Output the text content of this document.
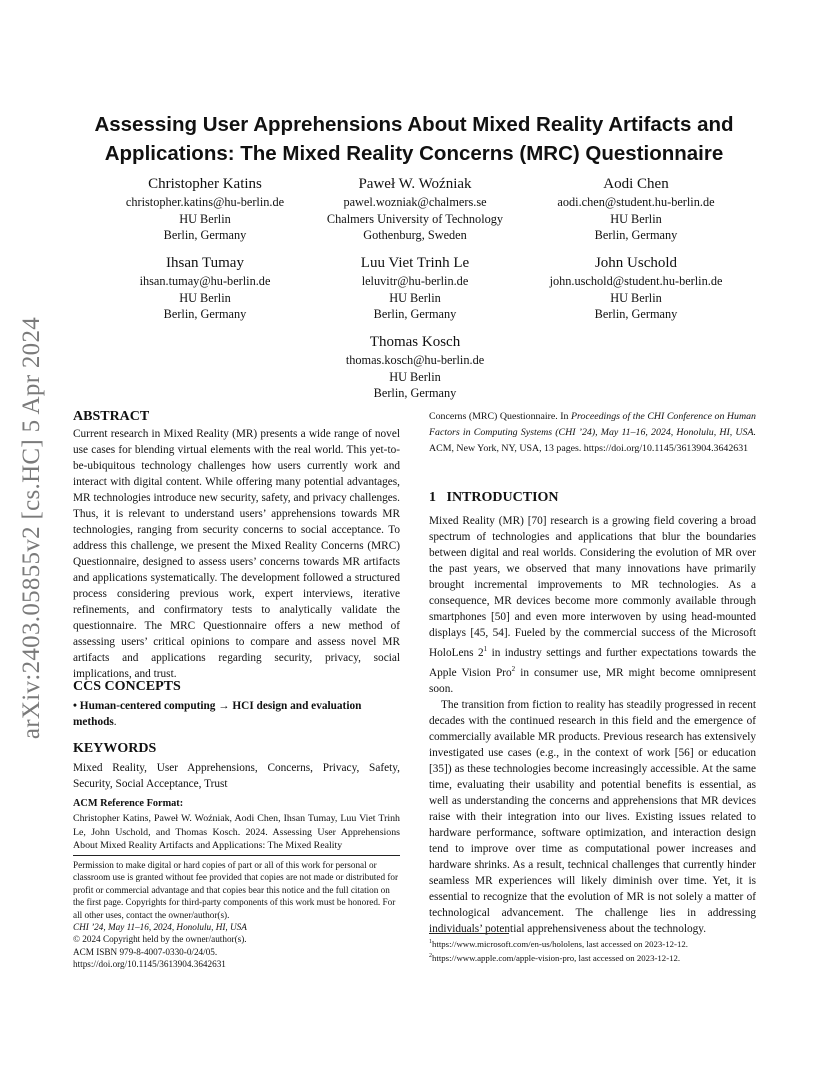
arXiv:2403.05855v2 [cs.HC] 5 Apr 2024
Assessing User Apprehensions About Mixed Reality Artifacts and
Applications: The Mixed Reality Concerns (MRC) Questionnaire
Christopher Katins
christopher.katins@hu-berlin.de
HU Berlin
Berlin, Germany
Paweł W. Woźniak
pawel.wozniak@chalmers.se
Chalmers University of Technology
Gothenburg, Sweden
Aodi Chen
aodi.chen@student.hu-berlin.de
HU Berlin
Berlin, Germany
Ihsan Tumay
ihsan.tumay@hu-berlin.de
HU Berlin
Berlin, Germany
Luu Viet Trinh Le
leluvitr@hu-berlin.de
HU Berlin
Berlin, Germany
John Uschold
john.uschold@student.hu-berlin.de
HU Berlin
Berlin, Germany
Thomas Kosch
thomas.kosch@hu-berlin.de
HU Berlin
Berlin, Germany
ABSTRACT

Current research in Mixed Reality (MR) presents a wide range of novel use cases for blending virtual elements with the real world. This yet-to-be-ubiquitous technology challenges how users currently work and interact with digital content. While offering many potential advantages, MR technologies introduce new security, safety, and privacy challenges. Thus, it is relevant to understand users’ apprehensions towards MR technologies, ranging from security concerns to social acceptance. To address this challenge, we present the Mixed Reality Concerns (MRC) Questionnaire, designed to assess users’ concerns towards MR artifacts and applications systematically. The development followed a structured process considering previous work, expert interviews, iterative refinements, and confirmatory tests to analytically validate the questionnaire. The MRC Questionnaire offers a new method of assessing users’ critical opinions to compare and assess novel MR artifacts and applications regarding security, privacy, social implications, and trust.

CCS CONCEPTS

• Human-centered computing → HCI design and evaluation methods.

KEYWORDS

Mixed Reality, User Apprehensions, Concerns, Privacy, Safety, Security, Social Acceptance, Trust

ACM Reference Format:
Christopher Katins, Paweł W. Woźniak, Aodi Chen, Ihsan Tumay, Luu Viet Trinh Le, John Uschold, and Thomas Kosch. 2024. Assessing User Apprehensions About Mixed Reality Artifacts and Applications: The Mixed Reality
Permission to make digital or hard copies of part or all of this work for personal or classroom use is granted without fee provided that copies are not made or distributed for profit or commercial advantage and that copies bear this notice and the full citation on the first page. Copyrights for third-party components of this work must be honored. For all other uses, contact the owner/author(s).
CHI ’24, May 11–16, 2024, Honolulu, HI, USA
© 2024 Copyright held by the owner/author(s).
ACM ISBN 979-8-4007-0330-0/24/05.
https://doi.org/10.1145/3613904.3642631
Concerns (MRC) Questionnaire. In Proceedings of the CHI Conference on Human Factors in Computing Systems (CHI ’24), May 11–16, 2024, Honolulu, HI, USA. ACM, New York, NY, USA, 13 pages. https://doi.org/10.1145/3613904.3642631
1   INTRODUCTION

Mixed Reality (MR) [70] research is a growing field covering a broad spectrum of technologies and applications that blur the boundaries between digital and real worlds. Considering the evolution of MR over the past years, we observed that many innovations have primarily brought incremental improvements to MR technologies. As a consequence, MR devices become more commonly available through smartphones [50] and even more interwoven by using head-mounted displays [45, 54]. Fueled by the commercial success of the Microsoft HoloLens $2^1$ in industry settings and further expectations towards the Apple Vision Pro$^2$ in consumer use, MR might become omnipresent soon.

The transition from fiction to reality has steadily progressed in recent decades with the continued research in this field and the emergence of commercially available MR products. Previous research has extensively investigated use cases (e.g., in the context of work [56] or education [35]) as these technologies become increasingly accessible. At the same time, evaluating their usability and potential benefits is essential, as well as understanding the concerns and apprehensions that MR devices raise with their integration into our lives. Existing issues related to hardware performance, software optimization, and interaction design tend to improve over time as computational power increases and hardware shrinks. As a result, technical challenges that currently hinder seamless MR experiences will likely diminish over time. Yet, it is essential to recognize that the evolution of MR is not solely a matter of technological advancement. The challenge lies in addressing individuals’ potential apprehensiveness about the technology.

$^1$https://www.microsoft.com/en-us/hololens, last accessed on 2023-12-12.
$^2$https://www.apple.com/apple-vision-pro, last accessed on 2023-12-12.
